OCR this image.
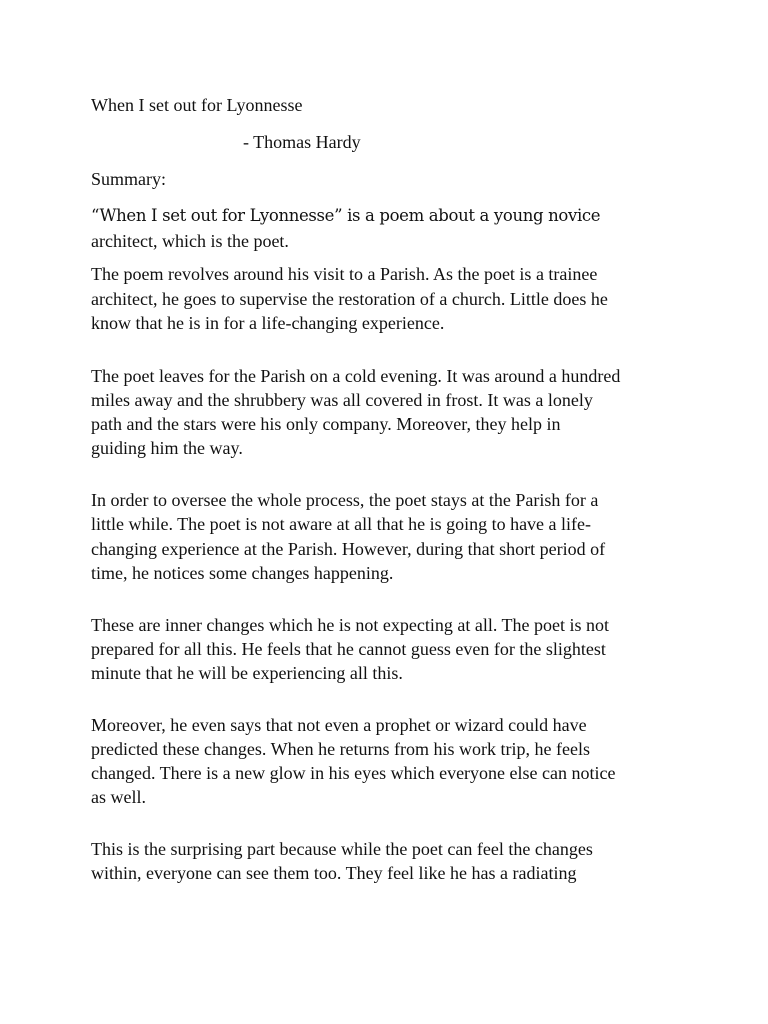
When I set out for Lyonnesse
- Thomas Hardy
Summary:
“When I set out for Lyonnesse” is a poem about a young novice
architect, which is the poet.
The poem revolves around his visit to a Parish. As the poet is a trainee
architect, he goes to supervise the restoration of a church. Little does he
know that he is in for a life-changing experience.
The poet leaves for the Parish on a cold evening. It was around a hundred
miles away and the shrubbery was all covered in frost. It was a lonely
path and the stars were his only company. Moreover, they help in
guiding him the way.
In order to oversee the whole process, the poet stays at the Parish for a
little while. The poet is not aware at all that he is going to have a life-
changing experience at the Parish. However, during that short period of
time, he notices some changes happening.
These are inner changes which he is not expecting at all. The poet is not
prepared for all this. He feels that he cannot guess even for the slightest
minute that he will be experiencing all this.
Moreover, he even says that not even a prophet or wizard could have
predicted these changes. When he returns from his work trip, he feels
changed. There is a new glow in his eyes which everyone else can notice
as well.
This is the surprising part because while the poet can feel the changes
within, everyone can see them too. They feel like he has a radiating
